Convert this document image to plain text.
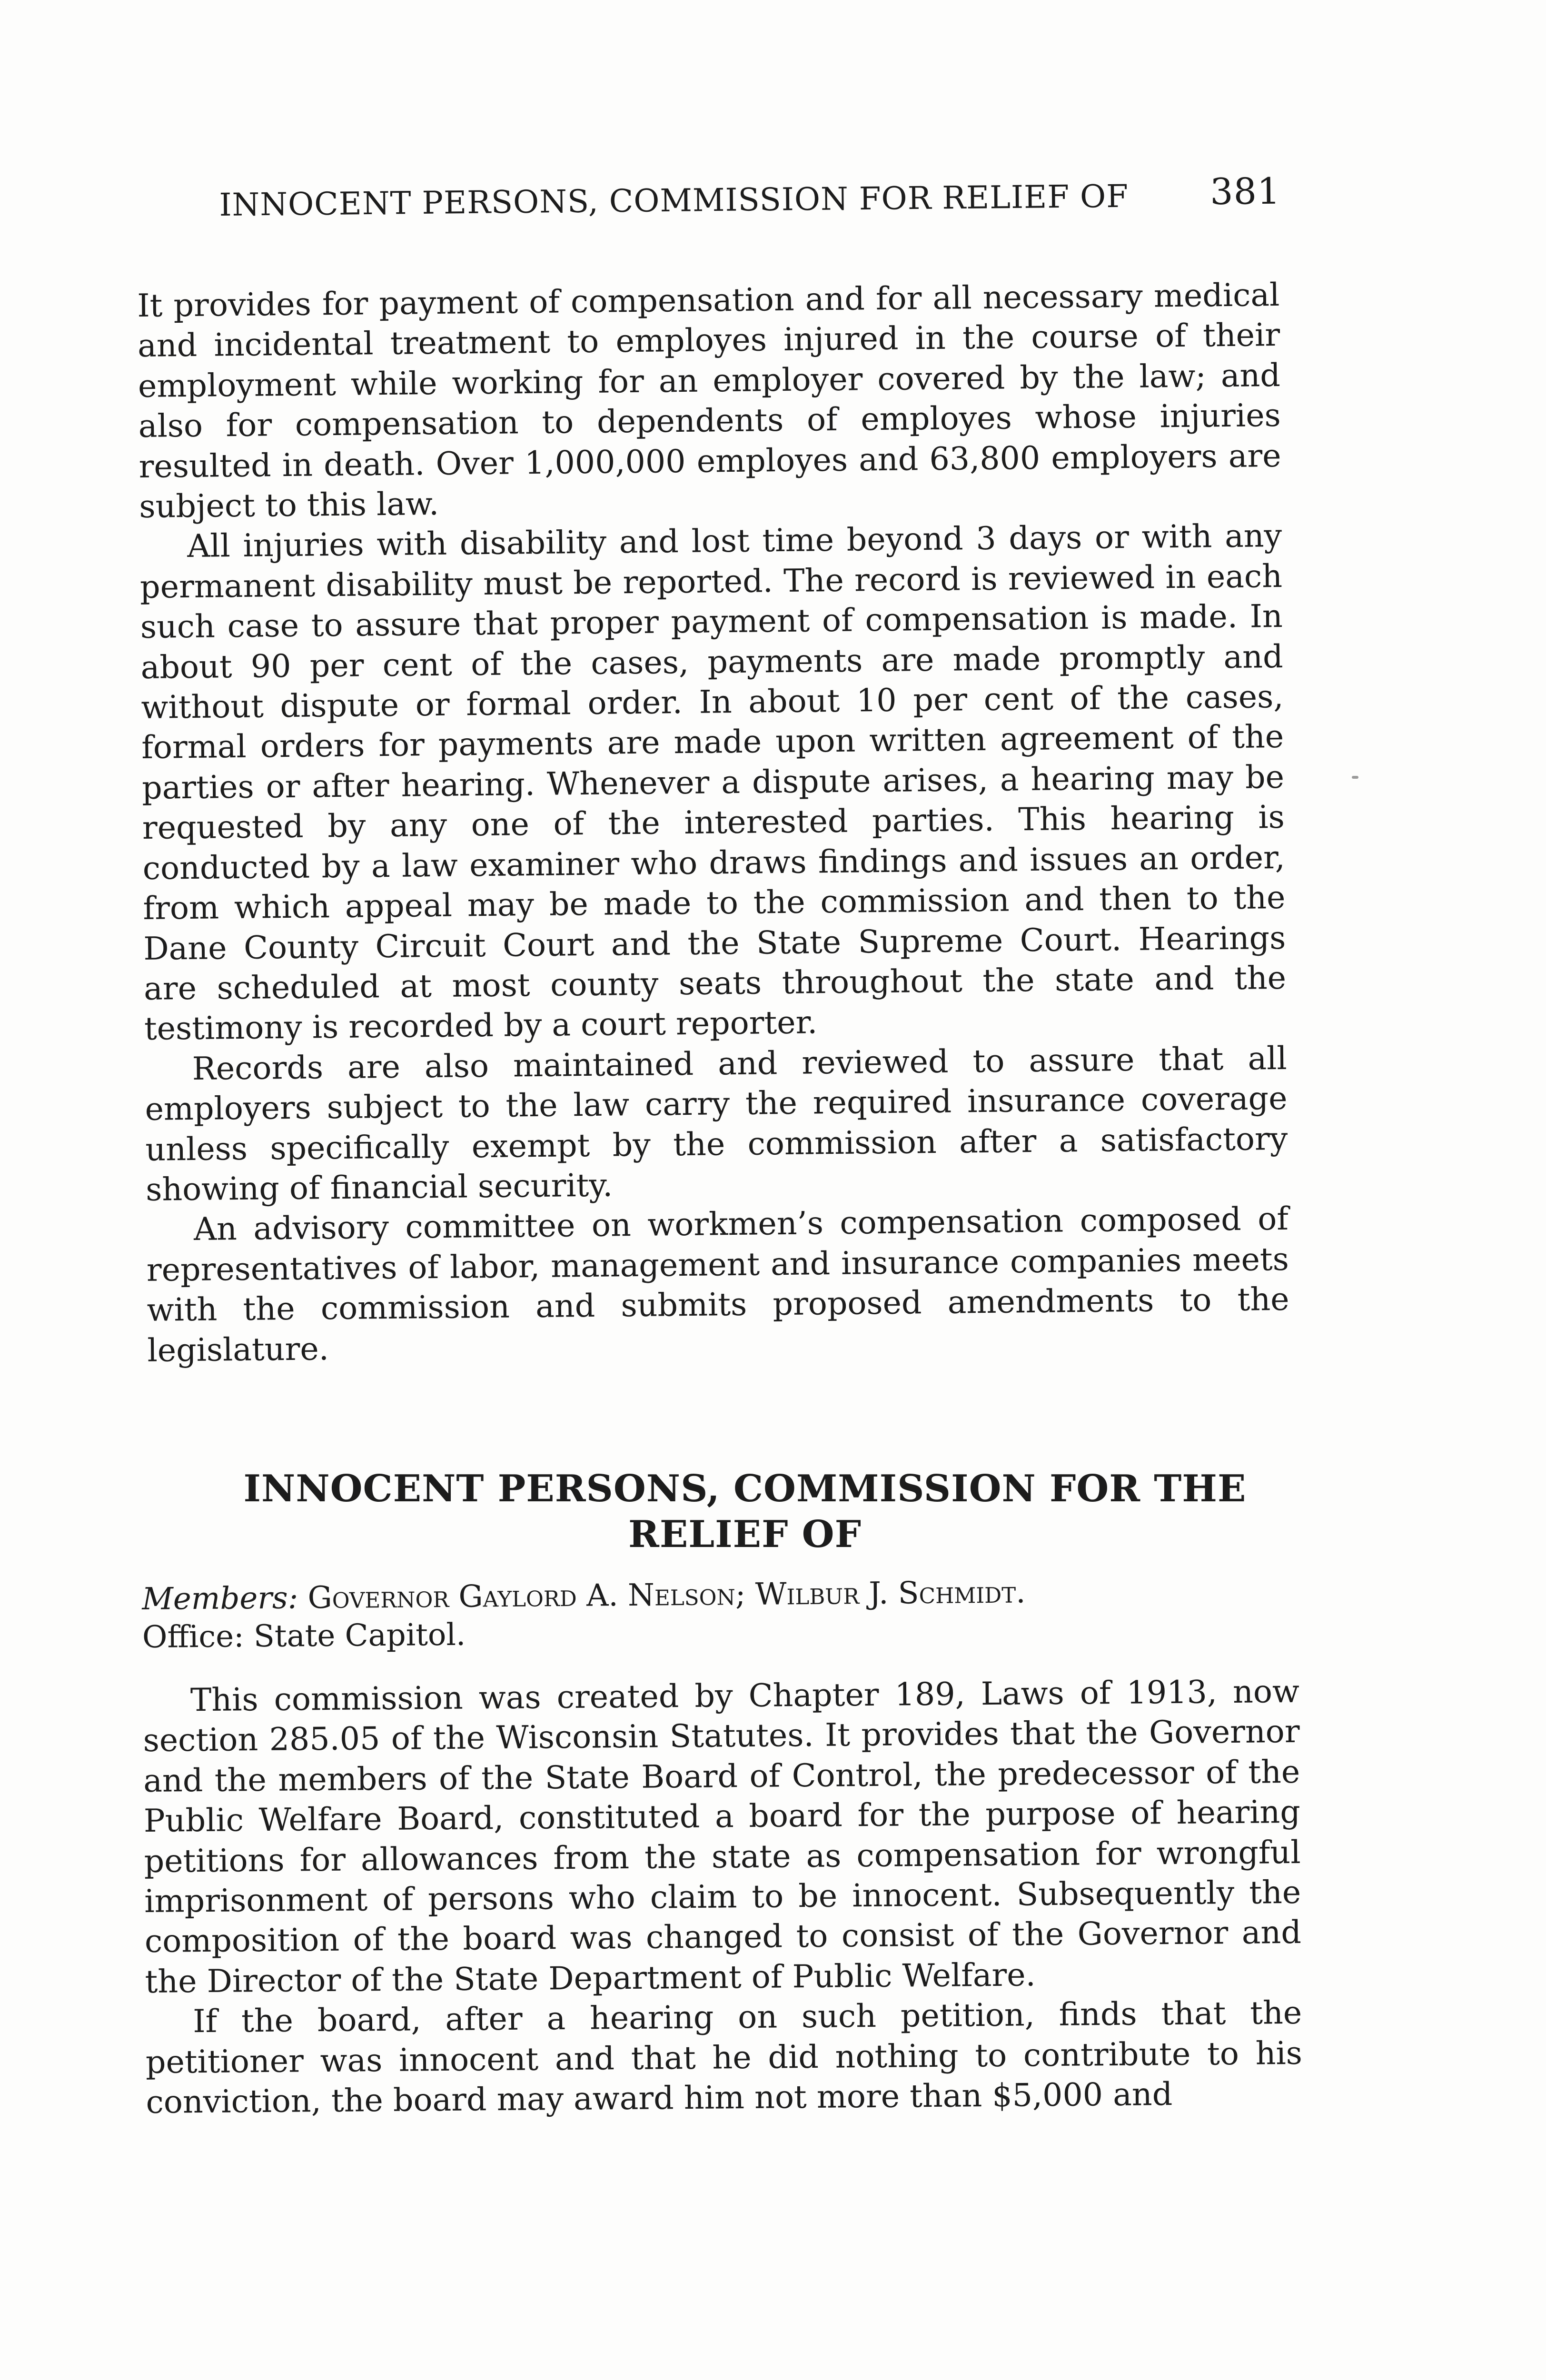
INNOCENT PERSONS, COMMISSION FOR RELIEF OF 381

It provides for payment of compensation and for all necessary medical and incidental treatment to employes injured in the course of their employment while working for an employer covered by the law; and also for compensation to dependents of employes whose injuries resulted in death. Over 1,000,000 employes and 63,800 employers are subject to this law.

All injuries with disability and lost time beyond 3 days or with any permanent disability must be reported. The record is reviewed in each such case to assure that proper payment of compensation is made. In about 90 per cent of the cases, payments are made promptly and without dispute or formal order. In about 10 per cent of the cases, formal orders for payments are made upon written agreement of the parties or after hearing. Whenever a dispute arises, a hearing may be requested by any one of the interested parties. This hearing is conducted by a law examiner who draws findings and issues an order, from which appeal may be made to the commission and then to the Dane County Circuit Court and the State Supreme Court. Hearings are scheduled at most county seats throughout the state and the testimony is recorded by a court reporter.

Records are also maintained and reviewed to assure that all employers subject to the law carry the required insurance coverage unless specifically exempt by the commission after a satisfactory showing of financial security.

An advisory committee on workmen’s compensation composed of representatives of labor, management and insurance companies meets with the commission and submits proposed amendments to the legislature.

INNOCENT PERSONS, COMMISSION FOR THE RELIEF OF
Members: Governor Gaylord A. Nelson; Wilbur J. Schmidt.
Office: State Capitol.

This commission was created by Chapter 189, Laws of 1913, now section 285.05 of the Wisconsin Statutes. It provides that the Governor and the members of the State Board of Control, the predecessor of the Public Welfare Board, constituted a board for the purpose of hearing petitions for allowances from the state as compensation for wrongful imprisonment of persons who claim to be innocent. Subsequently the composition of the board was changed to consist of the Governor and the Director of the State Department of Public Welfare.

If the board, after a hearing on such petition, finds that the petitioner was innocent and that he did nothing to contribute to his conviction, the board may award him not more than $5,000 and
